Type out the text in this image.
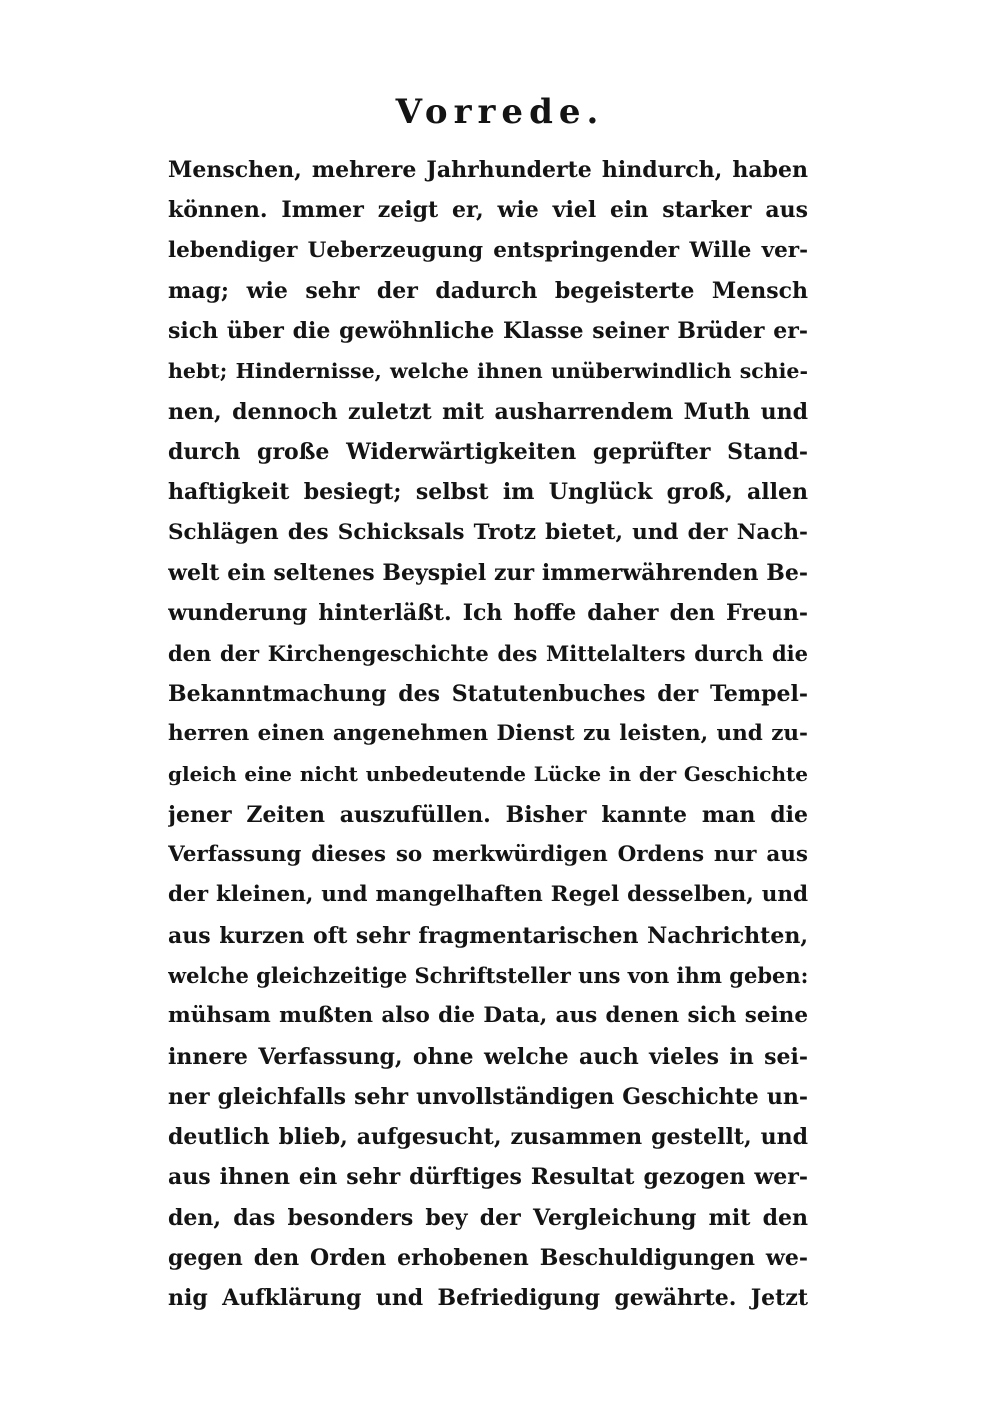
Vorrede.
Menschen, mehrere Jahrhunderte hindurch, haben
können. Immer zeigt er, wie viel ein starker aus
lebendiger Ueberzeugung entspringender Wille ver-
mag; wie sehr der dadurch begeisterte Mensch
sich über die gewöhnliche Klasse seiner Brüder er-
hebt; Hindernisse, welche ihnen unüberwindlich schie-
nen, dennoch zuletzt mit ausharrendem Muth und
durch große Widerwärtigkeiten geprüfter Stand-
haftigkeit besiegt; selbst im Unglück groß, allen
Schlägen des Schicksals Trotz bietet, und der Nach-
welt ein seltenes Beyspiel zur immerwährenden Be-
wunderung hinterläßt. Ich hoffe daher den Freun-
den der Kirchengeschichte des Mittelalters durch die
Bekanntmachung des Statutenbuches der Tempel-
herren einen angenehmen Dienst zu leisten, und zu-
gleich eine nicht unbedeutende Lücke in der Geschichte
jener Zeiten auszufüllen. Bisher kannte man die
Verfassung dieses so merkwürdigen Ordens nur aus
der kleinen, und mangelhaften Regel desselben, und
aus kurzen oft sehr fragmentarischen Nachrichten,
welche gleichzeitige Schriftsteller uns von ihm geben:
mühsam mußten also die Data, aus denen sich seine
innere Verfassung, ohne welche auch vieles in sei-
ner gleichfalls sehr unvollständigen Geschichte un-
deutlich blieb, aufgesucht, zusammen gestellt, und
aus ihnen ein sehr dürftiges Resultat gezogen wer-
den, das besonders bey der Vergleichung mit den
gegen den Orden erhobenen Beschuldigungen we-
nig Aufklärung und Befriedigung gewährte. Jetzt
